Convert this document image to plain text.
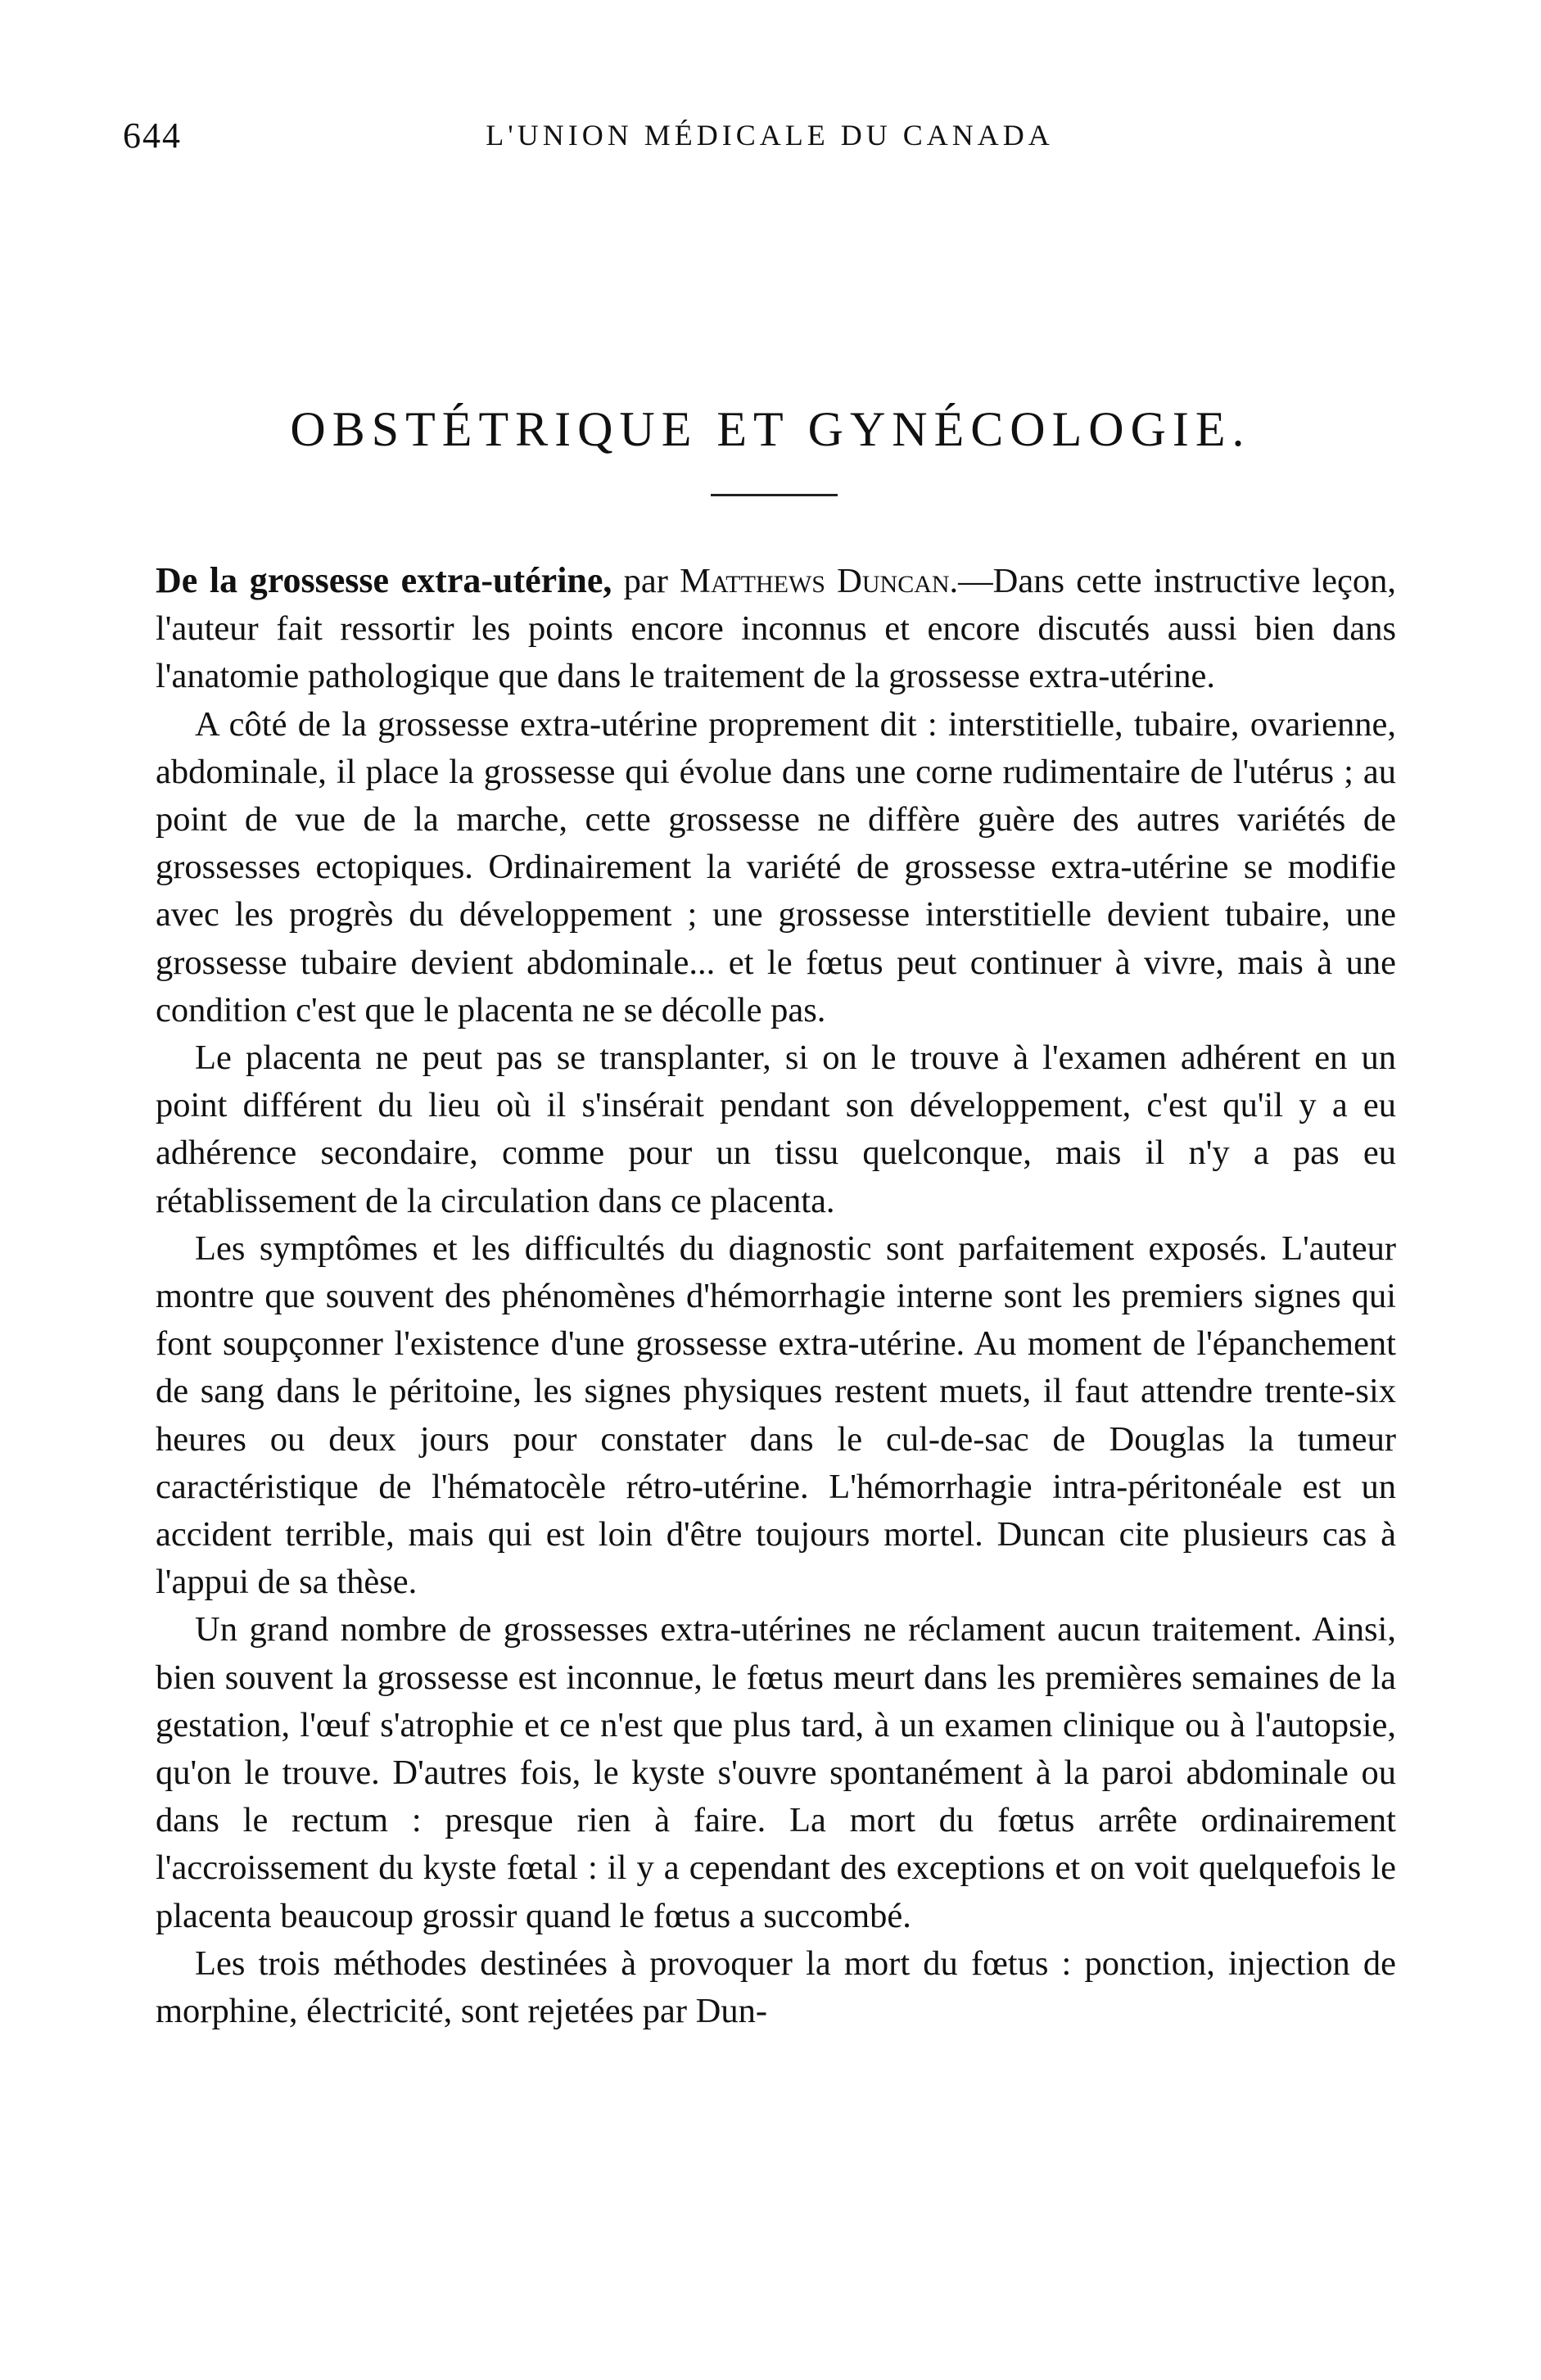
644	L'UNION MÉDICALE DU CANADA
OBSTÉTRIQUE ET GYNÉCOLOGIE.

De la grossesse extra-utérine, par Matthews Duncan.—Dans cette instructive leçon, l'auteur fait ressortir les points encore inconnus et encore discutés aussi bien dans l'anatomie pathologique que dans le traitement de la grossesse extra-utérine.

A côté de la grossesse extra-utérine proprement dit : interstitielle, tubaire, ovarienne, abdominale, il place la grossesse qui évolue dans une corne rudimentaire de l'utérus ; au point de vue de la marche, cette grossesse ne diffère guère des autres variétés de grossesses ectopiques. Ordinairement la variété de grossesse extra-utérine se modifie avec les progrès du développement ; une grossesse interstitielle devient tubaire, une grossesse tubaire devient abdominale... et le fœtus peut continuer à vivre, mais à une condition c'est que le placenta ne se décolle pas.

Le placenta ne peut pas se transplanter, si on le trouve à l'examen adhérent en un point différent du lieu où il s'insérait pendant son développement, c'est qu'il y a eu adhérence secondaire, comme pour un tissu quelconque, mais il n'y a pas eu rétablissement de la circulation dans ce placenta.

Les symptômes et les difficultés du diagnostic sont parfaitement exposés. L'auteur montre que souvent des phénomènes d'hémorrhagie interne sont les premiers signes qui font soupçonner l'existence d'une grossesse extra-utérine. Au moment de l'épanchement de sang dans le péritoine, les signes physiques restent muets, il faut attendre trente-six heures ou deux jours pour constater dans le cul-de-sac de Douglas la tumeur caractéristique de l'hématocèle rétro-utérine. L'hémorrhagie intra-péritonéale est un accident terrible, mais qui est loin d'être toujours mortel. Duncan cite plusieurs cas à l'appui de sa thèse.

Un grand nombre de grossesses extra-utérines ne réclament aucun traitement. Ainsi, bien souvent la grossesse est inconnue, le fœtus meurt dans les premières semaines de la gestation, l'œuf s'atrophie et ce n'est que plus tard, à un examen clinique ou à l'autopsie, qu'on le trouve. D'autres fois, le kyste s'ouvre spontanément à la paroi abdominale ou dans le rectum : presque rien à faire. La mort du fœtus arrête ordinairement l'accroissement du kyste fœtal : il y a cependant des exceptions et on voit quelquefois le placenta beaucoup grossir quand le fœtus a succombé.

Les trois méthodes destinées à provoquer la mort du fœtus : ponction, injection de morphine, électricité, sont rejetées par Dun-
